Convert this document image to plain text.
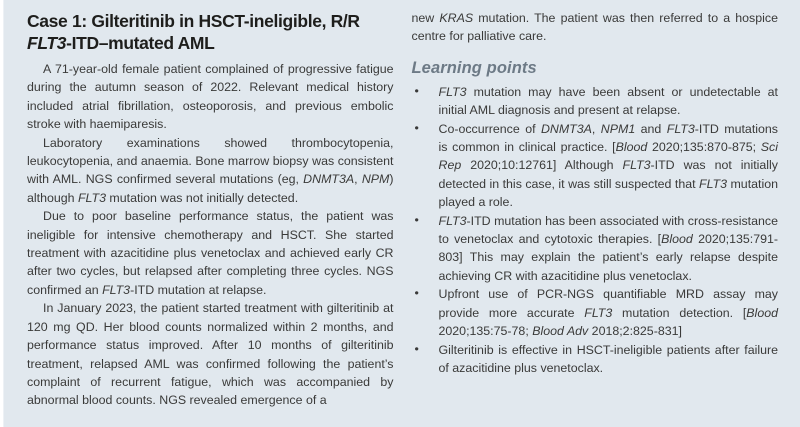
Case 1: Gilteritinib in HSCT-ineligible, R/R
FLT3-ITD–mutated AML

A 71-year-old female patient complained of progressive fatigue during the autumn season of 2022. Relevant medical history included atrial fibrillation, osteoporosis, and previous embolic stroke with haemiparesis.

Laboratory examinations showed thrombocytopenia, leukocytopenia, and anaemia. Bone marrow biopsy was consistent with AML. NGS confirmed several mutations (eg, DNMT3A, NPM) although FLT3 mutation was not initially detected.

Due to poor baseline performance status, the patient was ineligible for intensive chemotherapy and HSCT. She started treatment with azacitidine plus venetoclax and achieved early CR after two cycles, but relapsed after completing three cycles. NGS confirmed an FLT3-ITD mutation at relapse.

In January 2023, the patient started treatment with gilteritinib at 120 mg QD. Her blood counts normalized within 2 months, and performance status improved. After 10 months of gilteritinib treatment, relapsed AML was confirmed following the patient’s complaint of recurrent fatigue, which was accompanied by abnormal blood counts. NGS revealed emergence of a

new KRAS mutation. The patient was then referred to a hospice centre for palliative care.

Learning points
• FLT3 mutation may have been absent or undetectable at initial AML diagnosis and present at relapse.
• Co-occurrence of DNMT3A, NPM1 and FLT3-ITD mutations is common in clinical practice. [Blood 2020;135:870-875; Sci Rep 2020;10:12761] Although FLT3-ITD was not initially detected in this case, it was still suspected that FLT3 mutation played a role.
• FLT3-ITD mutation has been associated with cross-resistance to venetoclax and cytotoxic therapies. [Blood 2020;135:791-803] This may explain the patient’s early relapse despite achieving CR with azacitidine plus venetoclax.
• Upfront use of PCR-NGS quantifiable MRD assay may provide more accurate FLT3 mutation detection. [Blood 2020;135:75-78; Blood Adv 2018;2:825-831]
• Gilteritinib is effective in HSCT-ineligible patients after failure of azacitidine plus venetoclax.
